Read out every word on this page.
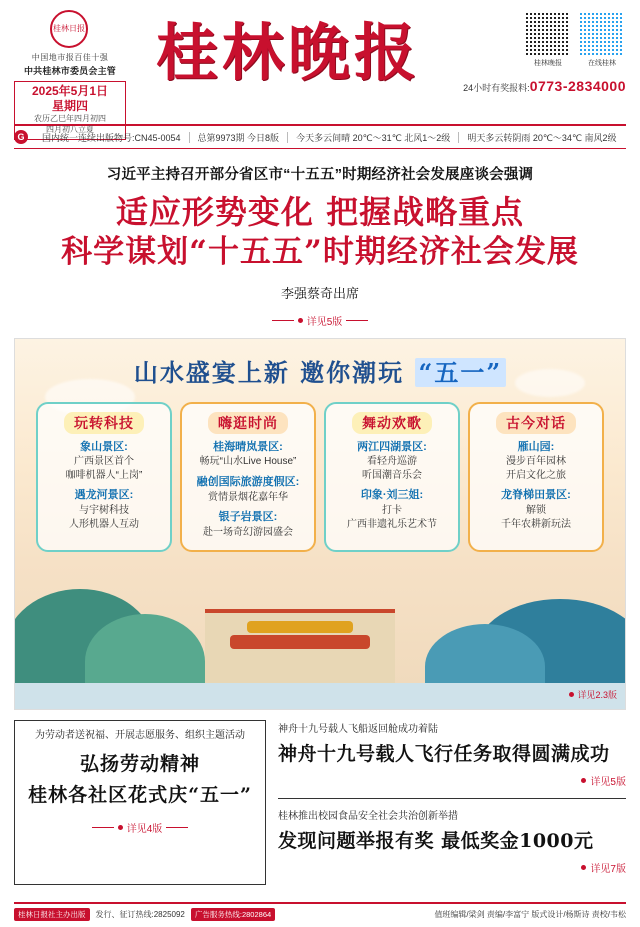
桂林日报
中国地市报百佳十强
中共桂林市委员会主管
2025年5月1日
星期四
农历乙巳年四月初四
四月初八立夏
桂林晚报	桂林晚报	在线桂林
24小时有奖报料:0773-2834000
G	国内统一连续出版物号:CN45-0054	总第9973期 今日8版	今天多云间晴 20℃～31℃ 北风1～2级	明天多云转阴雨 20℃～34℃ 南风2级
习近平主持召开部分省区市“十五五”时期经济社会发展座谈会强调
适应形势变化 把握战略重点
科学谋划“十五五”时期经济社会发展
李强蔡奇出席
详见5版
山水盛宴上新 邀你潮玩 “五一”
玩转科技
象山景区:
广西景区首个
咖啡机器人“上岗”
遇龙河景区:
与宇树科技
人形机器人互动
嗨逛时尚
桂海晴岚景区:
畅玩“山水Live House”
融创国际旅游度假区:
赏情景烟花嘉年华
银子岩景区:
赴一场奇幻游园盛会
舞动欢歌
两江四湖景区:
看轻舟巡游
听国潮音乐会
印象·刘三姐:
打卡
广西非遗礼乐艺术节
古今对话
雁山园:
漫步百年园林
开启文化之旅
龙脊梯田景区:
解锁
千年农耕新玩法
详见2.3版
为劳动者送祝福、开展志愿服务、组织主题活动
弘扬劳动精神
桂林各社区花式庆“五一”
详见4版
神舟十九号载人飞船返回舱成功着陆
神舟十九号载人飞行任务取得圆满成功
详见5版
桂林推出校园食品安全社会共治创新举措
发现问题举报有奖 最低奖金1000元
详见7版
桂林日报社主办出版	发行、征订热线:2825092	广告服务热线:2802864	值班编辑/梁剑 责编/李富宁 版式设计/杨斯诗 责校/韦松
